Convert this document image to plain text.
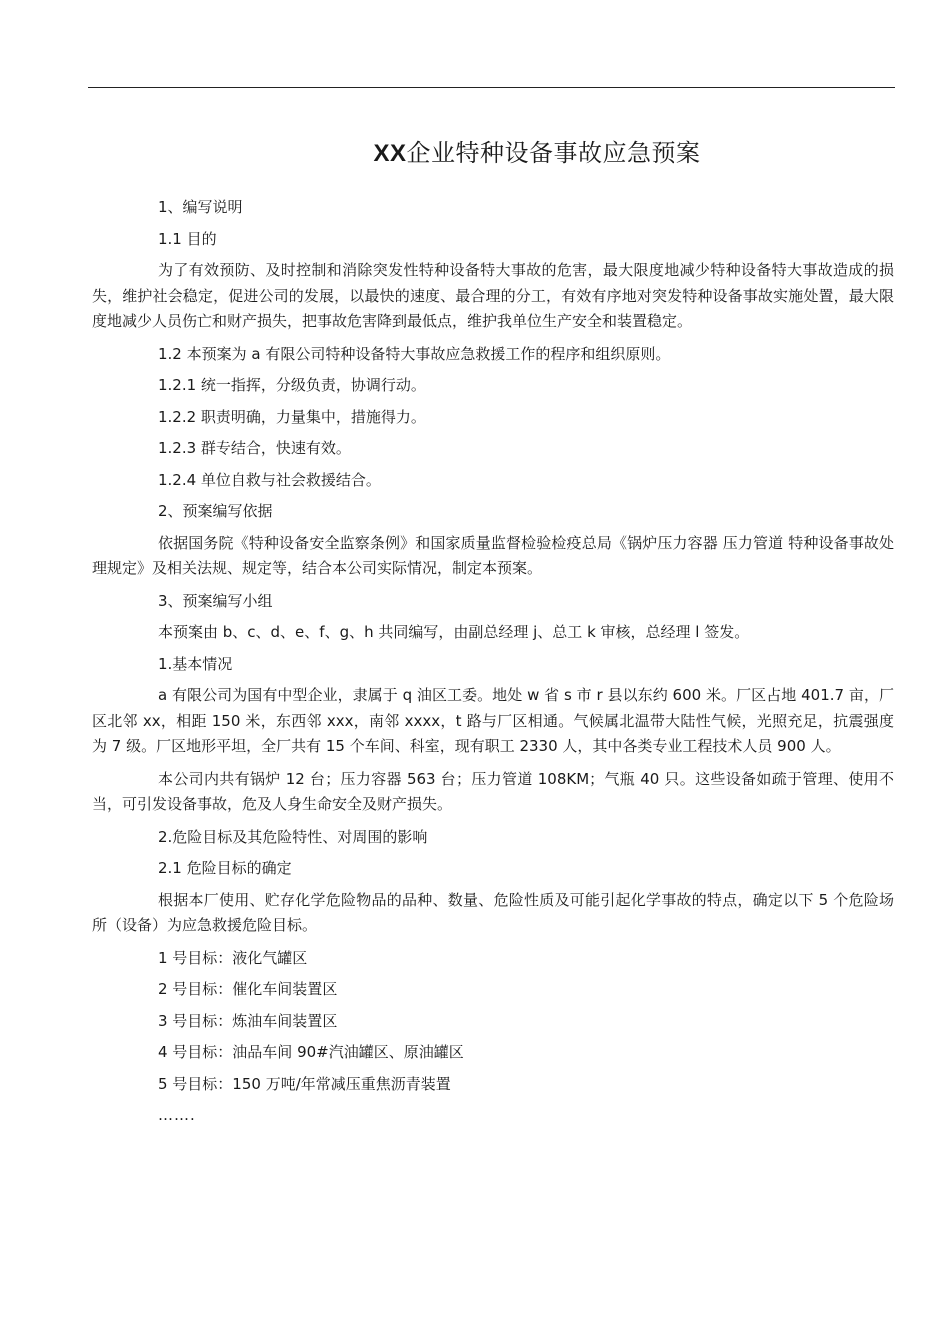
XX企业特种设备事故应急预案

1、编写说明

1.1 目的

为了有效预防、及时控制和消除突发性特种设备特大事故的危害，最大限度地减少特种设备特大事故造成的损失，维护社会稳定，促进公司的发展，以最快的速度、最合理的分工，有效有序地对突发特种设备事故实施处置，最大限度地减少人员伤亡和财产损失，把事故危害降到最低点，维护我单位生产安全和装置稳定。

1.2 本预案为 a 有限公司特种设备特大事故应急救援工作的程序和组织原则。

1.2.1 统一指挥，分级负责，协调行动。

1.2.2 职责明确，力量集中，措施得力。

1.2.3 群专结合，快速有效。

1.2.4 单位自救与社会救援结合。

2、预案编写依据

依据国务院《特种设备安全监察条例》和国家质量监督检验检疫总局《锅炉压力容器 压力管道 特种设备事故处理规定》及相关法规、规定等，结合本公司实际情况，制定本预案。

3、预案编写小组

本预案由 b、c、d、e、f、g、h 共同编写，由副总经理 j、总工 k 审核，总经理 l 签发。

1.基本情况

a 有限公司为国有中型企业，隶属于 q 油区工委。地处 w 省 s 市 r 县以东约 600 米。厂区占地 401.7 亩，厂区北邻 xx，相距 150 米，东西邻 xxx，南邻 xxxx，t 路与厂区相通。气候属北温带大陆性气候，光照充足，抗震强度为 7 级。厂区地形平坦，全厂共有 15 个车间、科室，现有职工 2330 人，其中各类专业工程技术人员 900 人。

本公司内共有锅炉 12 台；压力容器 563 台；压力管道 108KM；气瓶 40 只。这些设备如疏于管理、使用不当，可引发设备事故，危及人身生命安全及财产损失。

2.危险目标及其危险特性、对周围的影响

2.1 危险目标的确定

根据本厂使用、贮存化学危险物品的品种、数量、危险性质及可能引起化学事故的特点，确定以下 5 个危险场所（设备）为应急救援危险目标。

1 号目标：液化气罐区

2 号目标：催化车间装置区

3 号目标：炼油车间装置区

4 号目标：油品车间 90#汽油罐区、原油罐区

5 号目标：150 万吨/年常减压重焦沥青装置

…….
